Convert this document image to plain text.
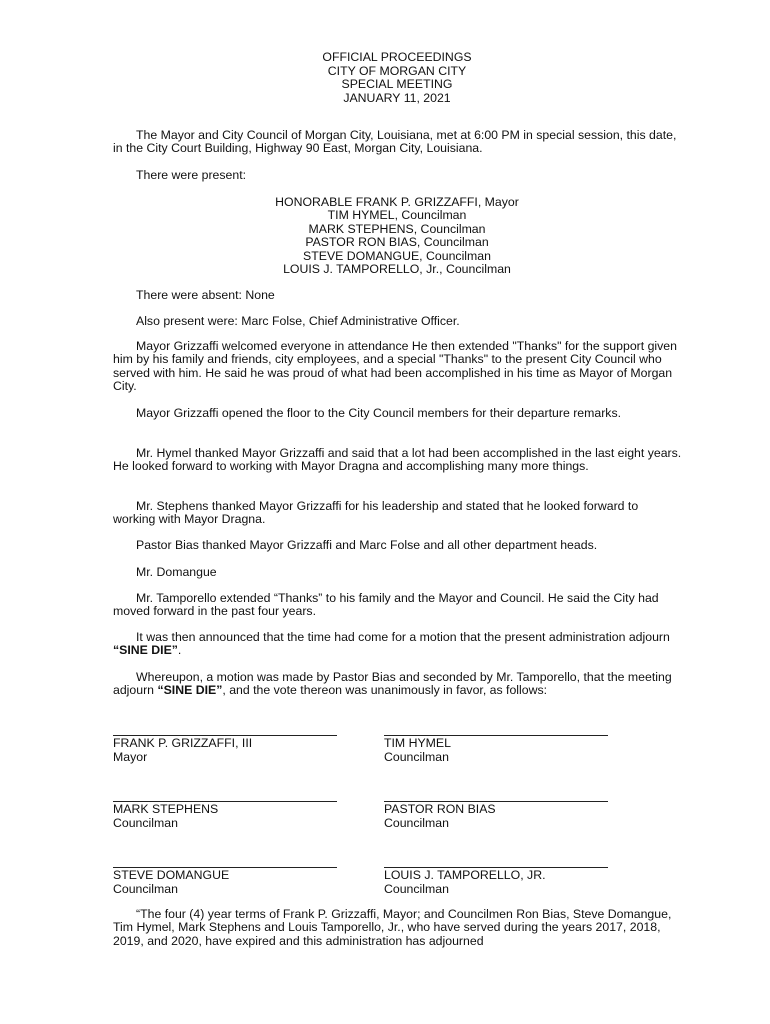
OFFICIAL PROCEEDINGS
CITY OF MORGAN CITY
SPECIAL MEETING
JANUARY 11, 2021

The Mayor and City Council of Morgan City, Louisiana, met at 6:00 PM in special session, this date, in the City Court Building, Highway 90 East, Morgan City, Louisiana.

There were present:

HONORABLE FRANK P. GRIZZAFFI, Mayor
TIM HYMEL, Councilman
MARK STEPHENS, Councilman
PASTOR RON BIAS, Councilman
STEVE DOMANGUE, Councilman
LOUIS J. TAMPORELLO, Jr., Councilman

There were absent: None

Also present were: Marc Folse, Chief Administrative Officer.

Mayor Grizzaffi welcomed everyone in attendance He then extended "Thanks" for the support given him by his family and friends, city employees, and a special "Thanks" to the present City Council who served with him. He said he was proud of what had been accomplished in his time as Mayor of Morgan City.

Mayor Grizzaffi opened the floor to the City Council members for their departure remarks.

Mr. Hymel thanked Mayor Grizzaffi and said that a lot had been accomplished in the last eight years. He looked forward to working with Mayor Dragna and accomplishing many more things.

Mr. Stephens thanked Mayor Grizzaffi for his leadership and stated that he looked forward to working with Mayor Dragna.

Pastor Bias thanked Mayor Grizzaffi and Marc Folse and all other department heads.

Mr. Domangue

Mr. Tamporello extended “Thanks” to his family and the Mayor and Council. He said the City had moved forward in the past four years.

It was then announced that the time had come for a motion that the present administration adjourn “SINE DIE”.

Whereupon, a motion was made by Pastor Bias and seconded by Mr. Tamporello, that the meeting adjourn “SINE DIE”, and the vote thereon was unanimously in favor, as follows:

FRANK P. GRIZZAFFI, III
Mayor
TIM HYMEL
Councilman
MARK STEPHENS
Councilman
PASTOR RON BIAS
Councilman
STEVE DOMANGUE
Councilman
LOUIS J. TAMPORELLO, JR.
Councilman

“The four (4) year terms of Frank P. Grizzaffi, Mayor; and Councilmen Ron Bias, Steve Domangue, Tim Hymel, Mark Stephens and Louis Tamporello, Jr., who have served during the years 2017, 2018, 2019, and 2020, have expired and this administration has adjourned
